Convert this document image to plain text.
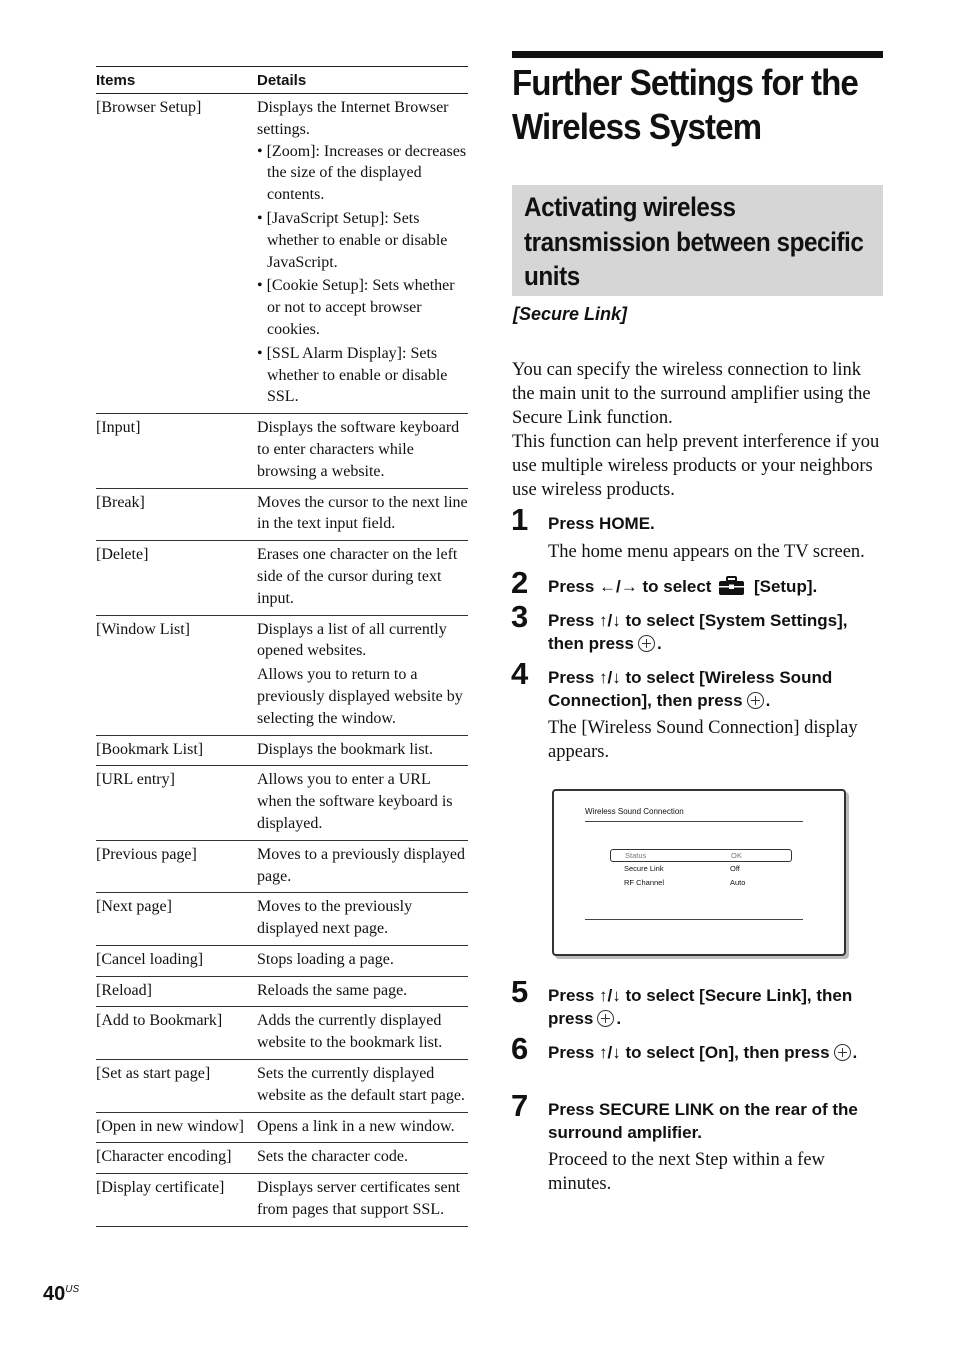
Items	Details
[Browser Setup]	Displays the Internet Browser settings.
• [Zoom]: Increases or decreases the size of the displayed contents.
• [JavaScript Setup]: Sets whether to enable or disable JavaScript.
• [Cookie Setup]: Sets whether or not to accept browser cookies.
• [SSL Alarm Display]: Sets whether to enable or disable SSL.
[Input]	Displays the software keyboard to enter characters while browsing a website.
[Break]	Moves the cursor to the next line in the text input field.
[Delete]	Erases one character on the left side of the cursor during text input.
[Window List]	Displays a list of all currently opened websites.
Allows you to return to a previously displayed website by selecting the window.
[Bookmark List]	Displays the bookmark list.
[URL entry]	Allows you to enter a URL when the software keyboard is displayed.
[Previous page]	Moves to a previously displayed page.
[Next page]	Moves to the previously displayed next page.
[Cancel loading]	Stops loading a page.
[Reload]	Reloads the same page.
[Add to Bookmark]	Adds the currently displayed website to the bookmark list.
[Set as start page]	Sets the currently displayed website as the default start page.
[Open in new window] Opens a link in a new window.
[Character encoding]	Sets the character code.
[Display certificate]	Displays server certificates sent from pages that support SSL.
Further Settings for the Wireless System
Activating wireless transmission between specific units
[Secure Link]
You can specify the wireless connection to link the main unit to the surround amplifier using the Secure Link function.
This function can help prevent interference if you use multiple wireless products or your neighbors use wireless products.
1 Press HOME.
The home menu appears on the TV screen.
2 Press ←/→ to select [Setup].
3 Press ↑/↓ to select [System Settings], then press .
4 Press ↑/↓ to select [Wireless Sound Connection], then press .
The [Wireless Sound Connection] display appears.
Wireless Sound Connection
Status	OK
Secure Link	Off
RF Channel	Auto
5 Press ↑/↓ to select [Secure Link], then press .
6 Press ↑/↓ to select [On], then press .
7 Press SECURE LINK on the rear of the surround amplifier.
Proceed to the next Step within a few minutes.
$40^{US}$
